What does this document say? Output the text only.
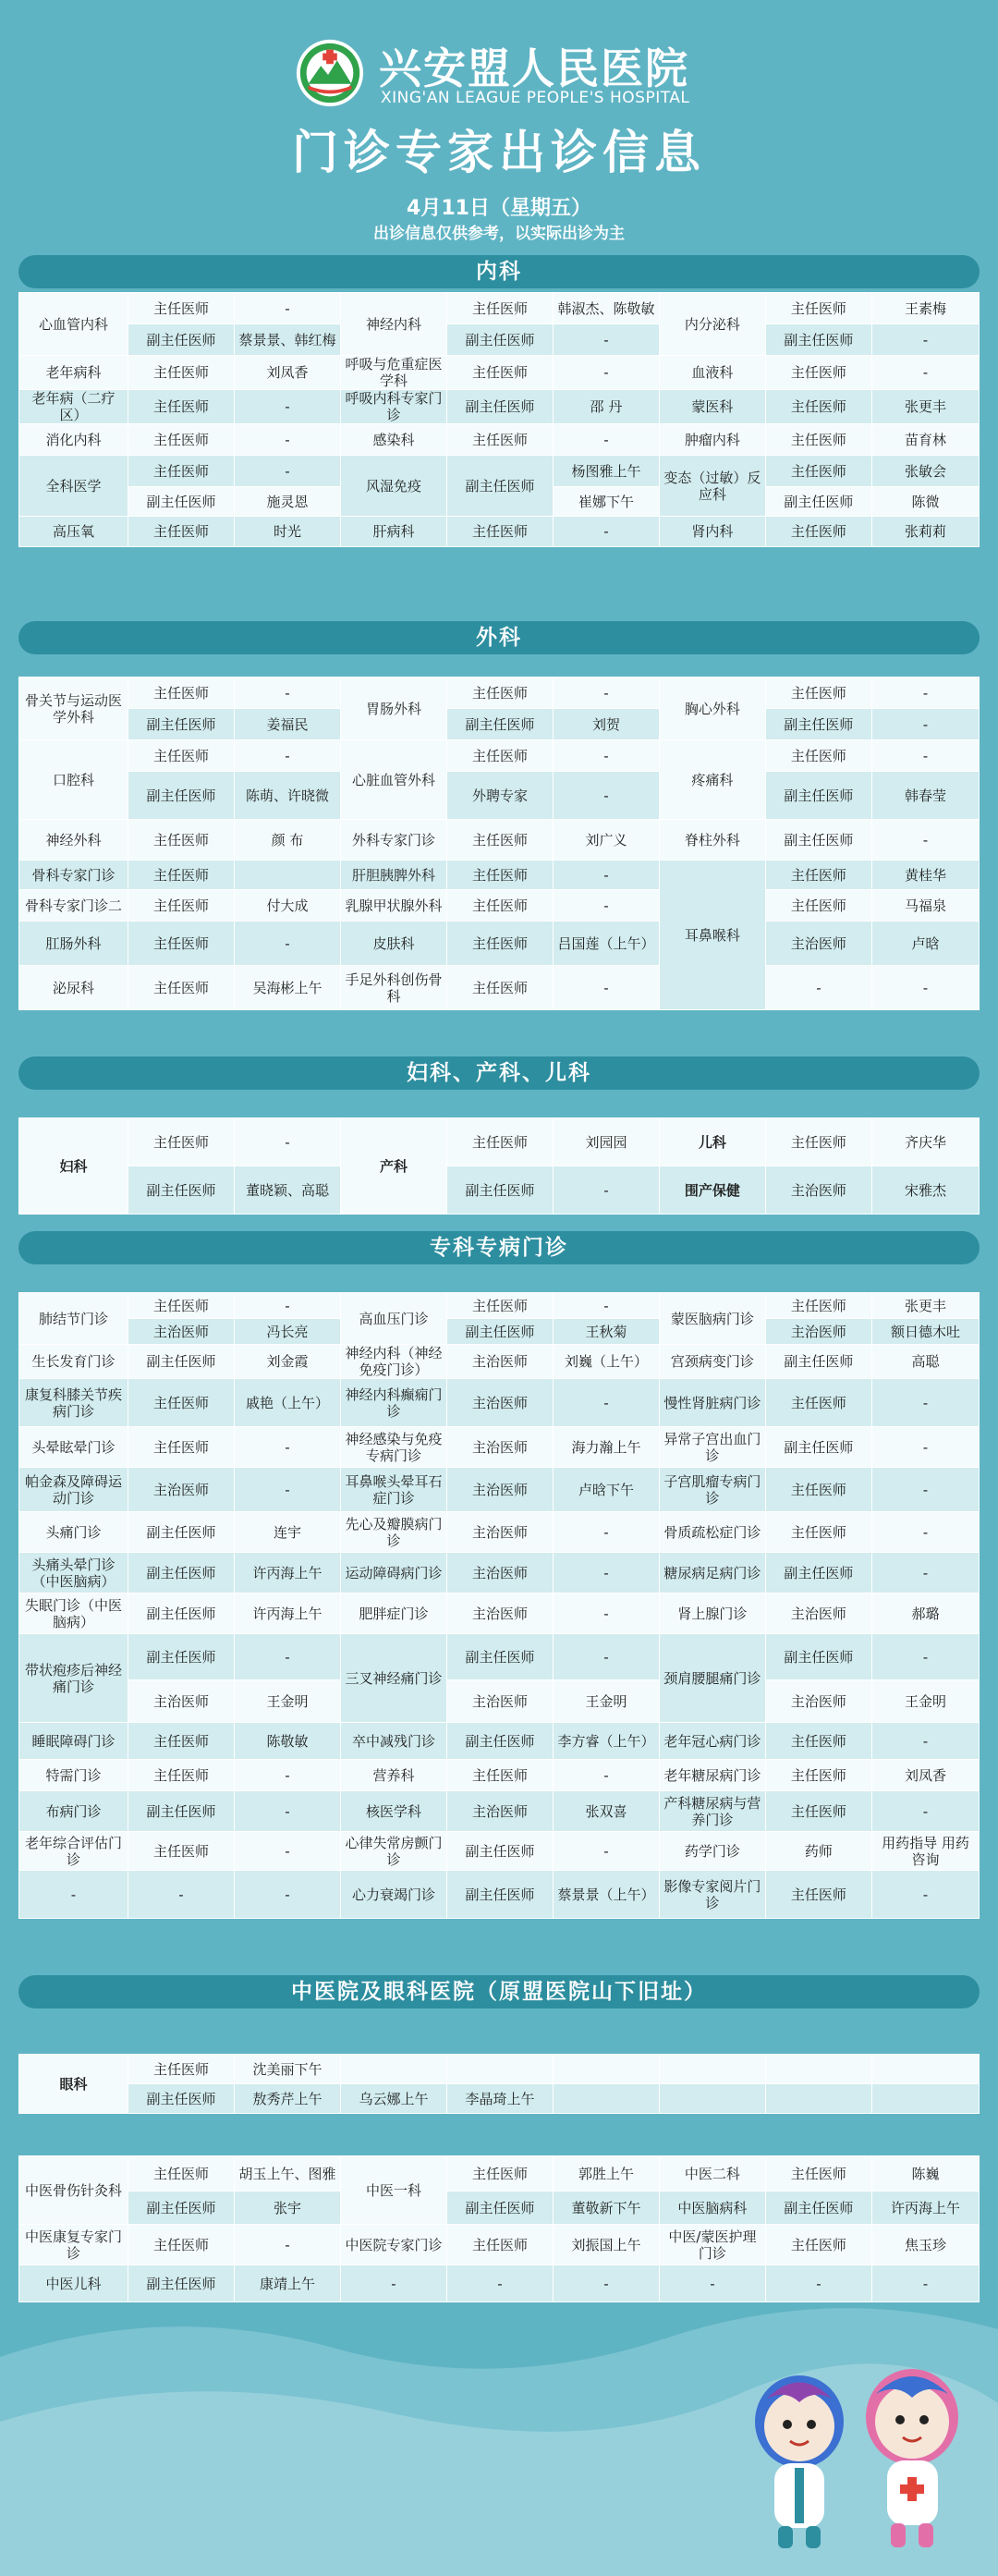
兴安盟人民医院
XING'AN LEAGUE PEOPLE'S HOSPITAL
门诊专家出诊信息
4月11日（星期五）
出诊信息仅供参考，以实际出诊为主
内科
外科
妇科、产科、儿科
专科专病门诊
中医院及眼科医院（原盟医院山下旧址）
心血管内科	主任医师	-	神经内科	主任医师	韩淑杰、陈敬敏	内分泌科	主任医师	王素梅
	副主任医师	蔡景景、韩红梅		副主任医师	-		副主任医师	-
老年病科	主任医师	刘凤香	呼吸与危重症医学科	主任医师	-	血液科	主任医师	-
老年病（二疗区）	主任医师	-	呼吸内科专家门诊	副主任医师	邵 丹	蒙医科	主任医师	张更丰
消化内科	主任医师	-	感染科	主任医师	-	肿瘤内科	主任医师	苗育林
全科医学	主任医师	-	风湿免疫	副主任医师	杨图雅上午	变态（过敏）反应科	主任医师	张敏会
	副主任医师	施灵恩			崔娜下午		副主任医师	陈微
高压氧	主任医师	时光	肝病科	主任医师	-	肾内科	主任医师	张莉莉
骨关节与运动医学外科	主任医师	-	胃肠外科	主任医师	-	胸心外科	主任医师	-
	副主任医师	姜福民		副主任医师	刘贺		副主任医师	-
口腔科	主任医师	-	心脏血管外科	主任医师	-	疼痛科	主任医师	-
	副主任医师	陈萌、许晓微		外聘专家	-		副主任医师	韩春莹
神经外科	主任医师	颜 布	外科专家门诊	主任医师	刘广义	脊柱外科	副主任医师	-
骨科专家门诊	主任医师		肝胆胰脾外科	主任医师	-	耳鼻喉科	主任医师	黄桂华
骨科专家门诊二	主任医师	付大成	乳腺甲状腺外科	主任医师	-		主任医师	马福泉
肛肠外科	主任医师	-	皮肤科	主任医师	吕国莲（上午）		主治医师	卢晗
泌尿科	主任医师	吴海彬上午	手足外科创伤骨科	主任医师	-		-	-
妇科	主任医师	-	产科	主任医师	刘园园	儿科	主任医师	齐庆华
	副主任医师	董晓颖、高聪		副主任医师	-	围产保健	主治医师	宋雅杰
肺结节门诊	主任医师	-	高血压门诊	主任医师	-	蒙医脑病门诊	主任医师	张更丰
	主治医师	冯长亮		副主任医师	王秋菊		主治医师	额日德木吐
生长发育门诊	副主任医师	刘金霞	神经内科（神经免疫门诊）	主治医师	刘巍（上午）	宫颈病变门诊	副主任医师	高聪
康复科膝关节疾病门诊	主任医师	戚艳（上午）	神经内科癫痫门诊	主治医师	-	慢性肾脏病门诊	主任医师	-
头晕眩晕门诊	主任医师	-	神经感染与免疫专病门诊	主治医师	海力瀚上午	异常子宫出血门诊	副主任医师	-
帕金森及障碍运动门诊	主治医师	-	耳鼻喉头晕耳石症门诊	主治医师	卢晗下午	子宫肌瘤专病门诊	主任医师	-
头痛门诊	副主任医师	连宇	先心及瓣膜病门诊	主治医师	-	骨质疏松症门诊	主任医师	-
头痛头晕门诊（中医脑病）	副主任医师	许丙海上午	运动障碍病门诊	主治医师	-	糖尿病足病门诊	副主任医师	-
失眠门诊（中医脑病）	副主任医师	许丙海上午	肥胖症门诊	主治医师	-	肾上腺门诊	主治医师	郝璐
带状疱疹后神经痛门诊	副主任医师	-	三叉神经痛门诊	副主任医师	-	颈肩腰腿痛门诊	副主任医师	-
	主治医师	王金明		主治医师	王金明		主治医师	王金明
睡眠障碍门诊	主任医师	陈敬敏	卒中减残门诊	副主任医师	李方睿（上午）	老年冠心病门诊	主任医师	-
特需门诊	主任医师	-	营养科	主任医师	-	老年糖尿病门诊	主任医师	刘凤香
布病门诊	副主任医师	-	核医学科	主治医师	张双喜	产科糖尿病与营养门诊	主任医师	-
老年综合评估门诊	主任医师	-	心律失常房颤门诊	副主任医师	-	药学门诊	药师	用药指导 用药咨询
-	-	-	心力衰竭门诊	副主任医师	蔡景景（上午）	影像专家阅片门诊	主任医师	-
眼科	主任医师	沈美丽下午						
	副主任医师	敖秀芹上午	乌云娜上午	李晶琦上午				
中医骨伤针灸科	主任医师	胡玉上午、图雅	中医一科	主任医师	郭胜上午	中医二科	主任医师	陈巍
	副主任医师	张宇		副主任医师	董敬新下午	中医脑病科	副主任医师	许丙海上午
中医康复专家门诊	主任医师	-	中医院专家门诊	主任医师	刘振国上午	中医/蒙医护理门诊	主任医师	焦玉珍
中医儿科	副主任医师	康靖上午	-	-	-	-	-	-
